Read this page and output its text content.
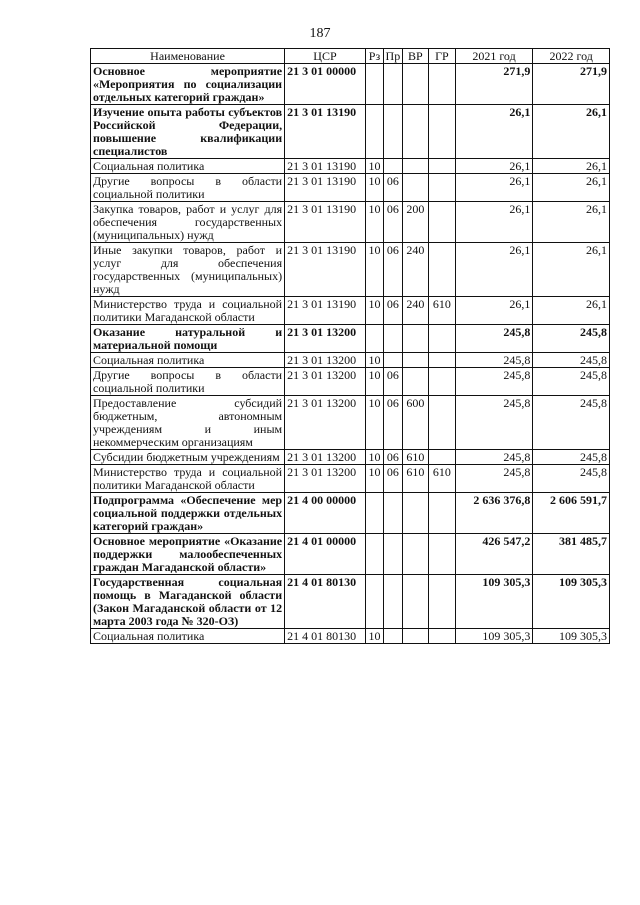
187
Наименование	ЦСР	Рз	Пр	ВР	ГР	2021 год	2022 год
Основное мероприятие «Мероприятия по социализации отдельных категорий граждан»	21 3 01 00000					271,9	271,9
Изучение опыта работы субъектов Российской Федерации, повышение квалификации специалистов	21 3 01 13190					26,1	26,1
Социальная политика	21 3 01 13190	10				26,1	26,1
Другие вопросы в области социальной политики	21 3 01 13190	10	06			26,1	26,1
Закупка товаров, работ и услуг для обеспечения государственных (муниципальных) нужд	21 3 01 13190	10	06	200		26,1	26,1
Иные закупки товаров, работ и услуг для обеспечения государственных (муниципальных) нужд	21 3 01 13190	10	06	240		26,1	26,1
Министерство труда и социальной политики Магаданской области	21 3 01 13190	10	06	240	610	26,1	26,1
Оказание натуральной и материальной помощи	21 3 01 13200					245,8	245,8
Социальная политика	21 3 01 13200	10				245,8	245,8
Другие вопросы в области социальной политики	21 3 01 13200	10	06			245,8	245,8
Предоставление субсидий бюджетным, автономным учреждениям и иным некоммерческим организациям	21 3 01 13200	10	06	600		245,8	245,8
Субсидии бюджетным учреждениям	21 3 01 13200	10	06	610		245,8	245,8
Министерство труда и социальной политики Магаданской области	21 3 01 13200	10	06	610	610	245,8	245,8
Подпрограмма «Обеспечение мер социальной поддержки отдельных категорий граждан»	21 4 00 00000					2 636 376,8	2 606 591,7
Основное мероприятие «Оказание поддержки малообеспеченных граждан Магаданской области»	21 4 01 00000					426 547,2	381 485,7
Государственная социальная помощь в Магаданской области (Закон Магаданской области от 12 марта 2003 года № 320-ОЗ)	21 4 01 80130					109 305,3	109 305,3
Социальная политика	21 4 01 80130	10				109 305,3	109 305,3
